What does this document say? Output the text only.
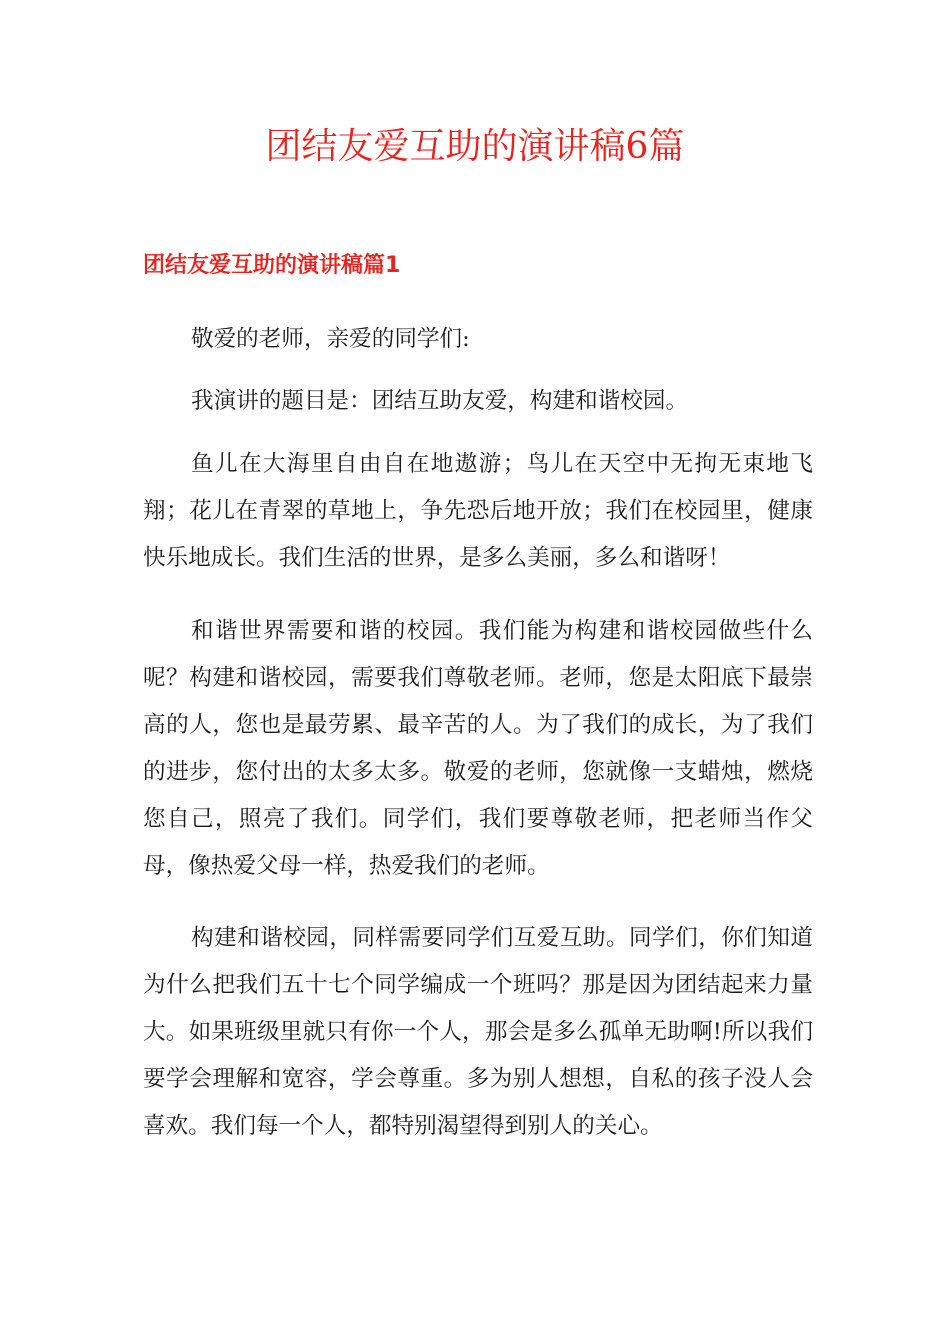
团结友爱互助的演讲稿6篇
团结友爱互助的演讲稿篇1

敬爱的老师，亲爱的同学们:

我演讲的题目是：团结互助友爱，构建和谐校园。

鱼儿在大海里自由自在地遨游；鸟儿在天空中无拘无束地飞翔；花儿在青翠的草地上，争先恐后地开放；我们在校园里，健康快乐地成长。我们生活的世界，是多么美丽，多么和谐呀！

和谐世界需要和谐的校园。我们能为构建和谐校园做些什么呢？构建和谐校园，需要我们尊敬老师。老师，您是太阳底下最崇高的人，您也是最劳累、最辛苦的人。为了我们的成长，为了我们的进步，您付出的太多太多。敬爱的老师，您就像一支蜡烛，燃烧您自己，照亮了我们。同学们，我们要尊敬老师，把老师当作父母，像热爱父母一样，热爱我们的老师。

构建和谐校园，同样需要同学们互爱互助。同学们，你们知道为什么把我们五十七个同学编成一个班吗？那是因为团结起来力量大。如果班级里就只有你一个人，那会是多么孤单无助啊!所以我们要学会理解和宽容，学会尊重。多为别人想想，自私的孩子没人会喜欢。我们每一个人，都特别渴望得到别人的关心。
